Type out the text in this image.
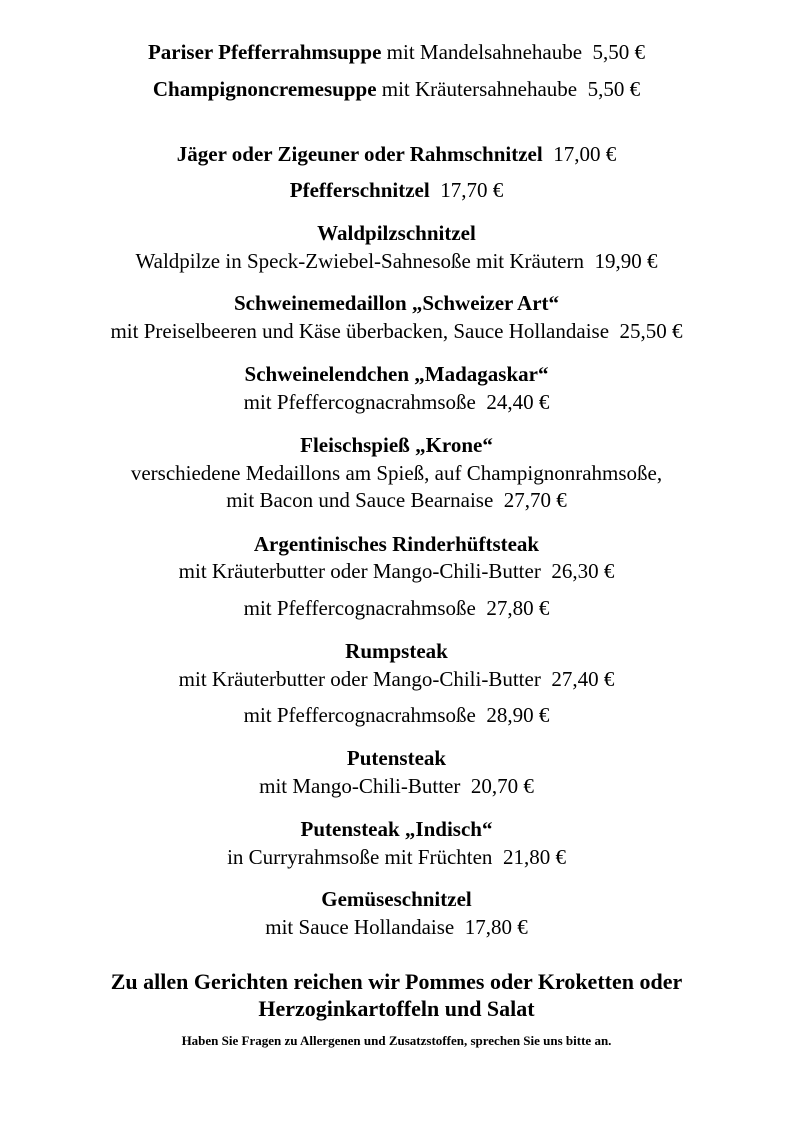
Pariser Pfefferrahmsuppe mit Mandelsahnehaube 5,50 €
Champignoncremesuppe mit Kräutersahnehaube 5,50 €
Jäger oder Zigeuner oder Rahmschnitzel 17,00 €
Pfefferschnitzel 17,70 €
Waldpilzschnitzel
Waldpilze in Speck-Zwiebel-Sahnesoße mit Kräutern 19,90 €
Schweinemedaillon „Schweizer Art“
mit Preiselbeeren und Käse überbacken, Sauce Hollandaise 25,50 €
Schweinelendchen „Madagaskar“
mit Pfeffercognacrahmsoße 24,40 €
Fleischspieß „Krone“
verschiedene Medaillons am Spieß, auf Champignonrahmsoße,
mit Bacon und Sauce Bearnaise 27,70 €
Argentinisches Rinderhüftsteak
mit Kräuterbutter oder Mango-Chili-Butter 26,30 €
mit Pfeffercognacrahmsoße 27,80 €
Rumpsteak
mit Kräuterbutter oder Mango-Chili-Butter 27,40 €
mit Pfeffercognacrahmsoße 28,90 €
Putensteak
mit Mango-Chili-Butter 20,70 €
Putensteak „Indisch“
in Curryrahmsoße mit Früchten 21,80 €
Gemüseschnitzel
mit Sauce Hollandaise 17,80 €
Zu allen Gerichten reichen wir Pommes oder Kroketten oder
Herzoginkartoffeln und Salat
Haben Sie Fragen zu Allergenen und Zusatzstoffen, sprechen Sie uns bitte an.
